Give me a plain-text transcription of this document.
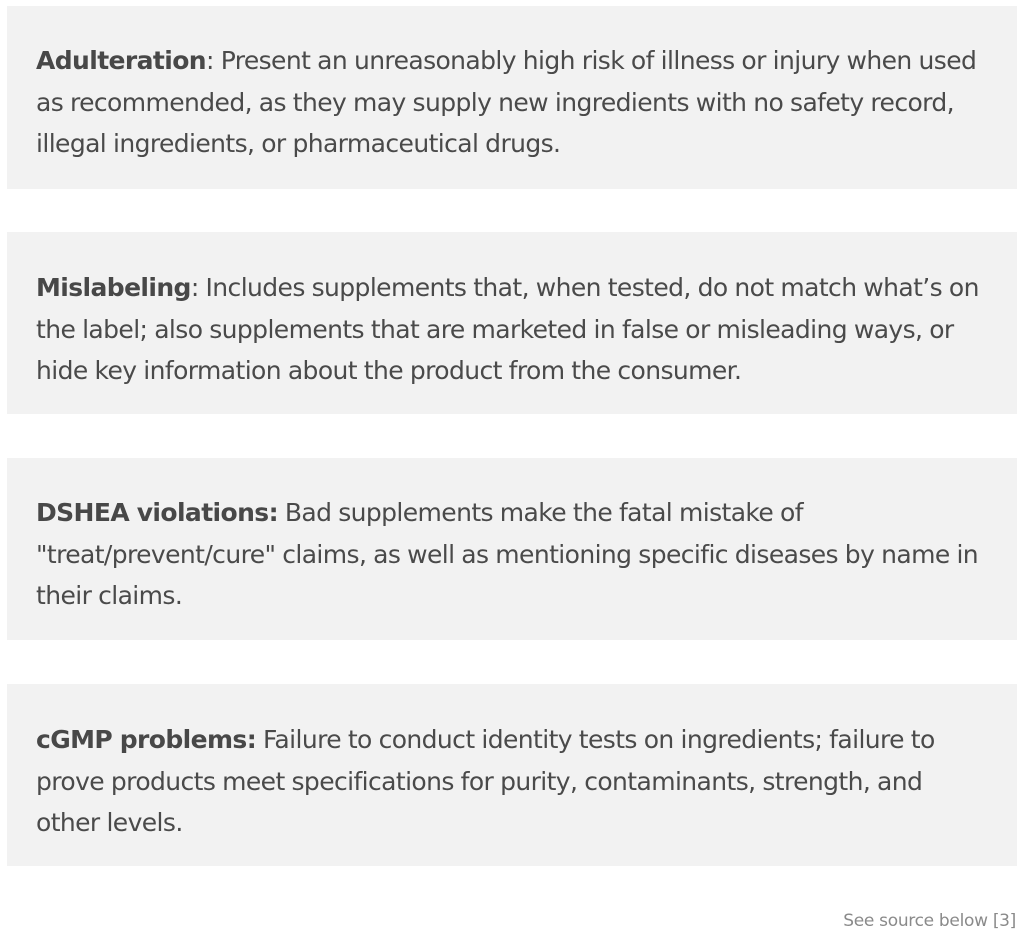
Adulteration: Present an unreasonably high risk of illness or injury when used as recommended, as they may supply new ingredients with no safety record, illegal ingredients, or pharmaceutical drugs.

Mislabeling: Includes supplements that, when tested, do not match what’s on the label; also supplements that are marketed in false or misleading ways, or hide key information about the product from the consumer.

DSHEA violations: Bad supplements make the fatal mistake of "treat/prevent/cure" claims, as well as mentioning specific diseases by name in their claims.

cGMP problems: Failure to conduct identity tests on ingredients; failure to prove products meet specifications for purity, contaminants, strength, and other levels.

See source below [3]
